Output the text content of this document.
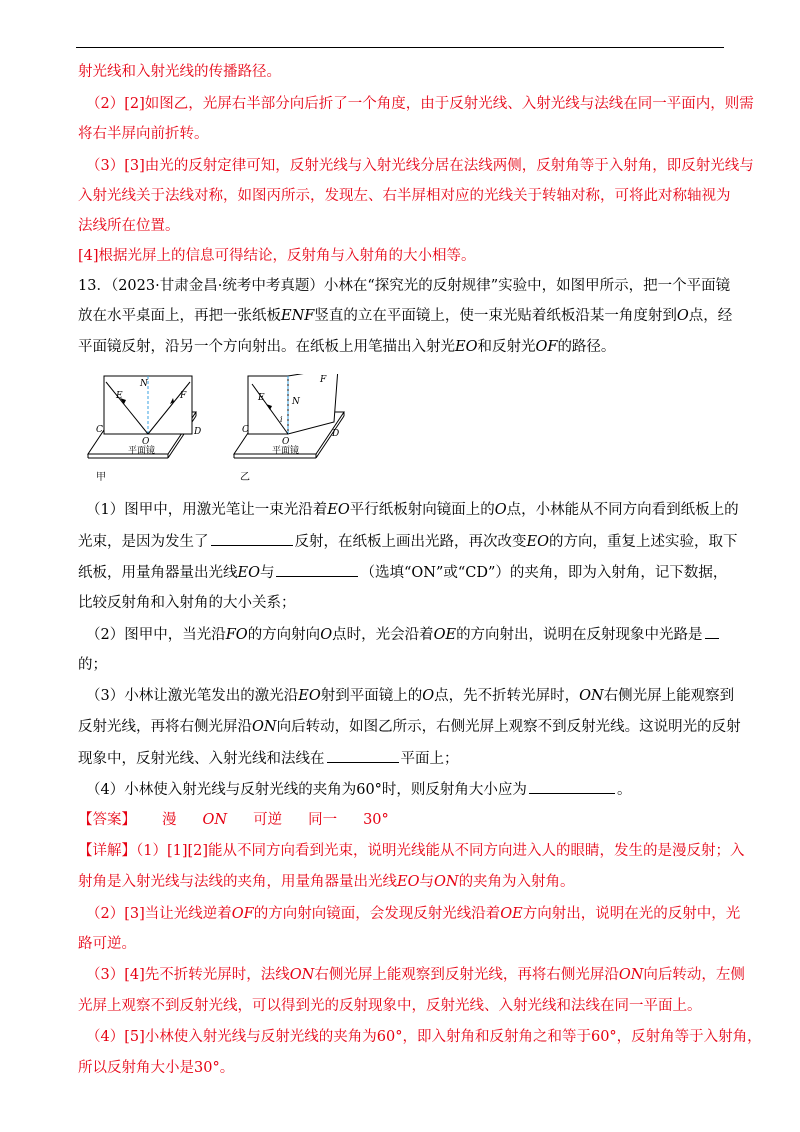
射光线和入射光线的传播路径。
（2）[2]如图乙，光屏右半部分向后折了一个角度，由于反射光线、入射光线与法线在同一平面内，则需
将右半屏向前折转。
（3）[3]由光的反射定律可知，反射光线与入射光线分居在法线两侧，反射角等于入射角，即反射光线与
入射光线关于法线对称，如图丙所示，发现左、右半屏相对应的光线关于转轴对称，可将此对称轴视为
法线所在位置。
[4]根据光屏上的信息可得结论，反射角与入射角的大小相等。
13．（2023·甘肃金昌·统考中考真题）小林在“探究光的反射规律”实验中，如图甲所示，把一个平面镜
放在水平桌面上，再把一张纸板ENF竖直的立在平面镜上，使一束光贴着纸板沿某一角度射到O点，经
平面镜反射，沿另一个方向射出。在纸板上用笔描出入射光EO和反射光OF的路径。
E
N
F
C
O
D
平面镜
甲
E	N
F
i
C
O
D
平面镜
乙
（1）图甲中，用激光笔让一束光沿着EO平行纸板射向镜面上的O点，小林能从不同方向看到纸板上的
光束，是因为发生了	反射，在纸板上画出光路，再次改变EO的方向，重复上述实验，取下
纸板，用量角器量出光线EO与	（选填“ON”或“CD”）的夹角，即为入射角，记下数据，
比较反射角和入射角的大小关系；
（2）图甲中，当光沿FO的方向射向O点时，光会沿着OE的方向射出，说明在反射现象中光路是
的；
（3）小林让激光笔发出的激光沿EO射到平面镜上的O点，先不折转光屏时，ON右侧光屏上能观察到
反射光线，再将右侧光屏沿ON向后转动，如图乙所示，右侧光屏上观察不到反射光线。这说明光的反射
现象中，反射光线、入射光线和法线在	平面上；
（4）小林使入射光线与反射光线的夹角为60°时，则反射角大小应为	。
【答案】 漫 ON 可逆 同一 30°
【详解】（1）[1][2]能从不同方向看到光束，说明光线能从不同方向进入人的眼睛，发生的是漫反射；入
射角是入射光线与法线的夹角，用量角器量出光线EO与ON的夹角为入射角。
（2）[3]当让光线逆着OF的方向射向镜面，会发现反射光线沿着OE方向射出，说明在光的反射中，光
路可逆。
（3）[4]先不折转光屏时，法线ON右侧光屏上能观察到反射光线，再将右侧光屏沿ON向后转动，左侧
光屏上观察不到反射光线，可以得到光的反射现象中，反射光线、入射光线和法线在同一平面上。
（4）[5]小林使入射光线与反射光线的夹角为60°，即入射角和反射角之和等于60°，反射角等于入射角，
所以反射角大小是30°。
